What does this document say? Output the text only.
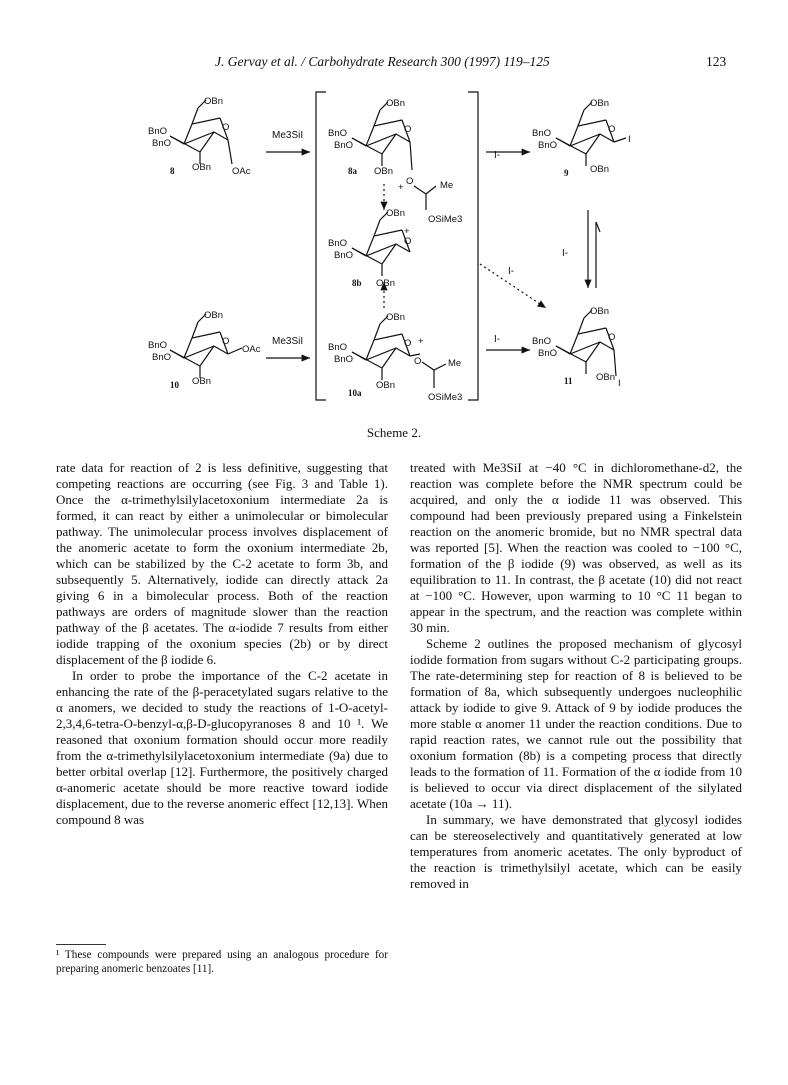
J. Gervay et al. / Carbohydrate Research 300 (1997) 119–125	123
BnO
BnO
OBn
O
OBn OAc
8
Me3SiI	BnO
BnO
OBn
O
OBn
8a
O
+	Me
OSiMe3
BnO
BnO
OBn
O
+
OBn
8b
BnO
BnO
OBn
O
OAc
OBn
10
Me3SiI
BnO
BnO
OBn
O +
O	Me
OSiMe3
OBn
10a
I-
BnO
BnO
OBn
O
I
OBn
9
I-
I-
I-	BnO
BnO
OBn
O
OBn
I
11
Scheme 2.

rate data for reaction of 2 is less definitive, suggesting that competing reactions are occurring (see Fig. 3 and Table 1). Once the α-trimethylsilylacetoxonium intermediate 2a is formed, it can react by either a unimolecular or bimolecular pathway. The unimolecular process involves displacement of the anomeric acetate to form the oxonium intermediate 2b, which can be stabilized by the C-2 acetate to form 3b, and subsequently 5. Alternatively, iodide can directly attack 2a giving 6 in a bimolecular process. Both of the reaction pathways are orders of magnitude slower than the reaction pathway of the β acetates. The α-iodide 7 results from either iodide trapping of the oxonium species (2b) or by direct displacement of the β iodide 6.

In order to probe the importance of the C-2 acetate in enhancing the rate of the β-peracetylated sugars relative to the α anomers, we decided to study the reactions of 1-O-acetyl-2,3,4,6-tetra-O-benzyl-α,β-D-glucopyranoses 8 and 10 ¹. We reasoned that oxonium formation should occur more readily from the α-trimethylsilylacetoxonium intermediate (9a) due to better orbital overlap [12]. Furthermore, the positively charged α-anomeric acetate should be more reactive toward iodide displacement, due to the reverse anomeric effect [12,13]. When compound 8 was

treated with Me3SiI at −40 °C in dichloromethane-d2, the reaction was complete before the NMR spectrum could be acquired, and only the α iodide 11 was observed. This compound had been previously prepared using a Finkelstein reaction on the anomeric bromide, but no NMR spectral data was reported [5]. When the reaction was cooled to −100 °C, formation of the β iodide (9) was observed, as well as its equilibration to 11. In contrast, the β acetate (10) did not react at −100 °C. However, upon warming to 10 °C 11 began to appear in the spectrum, and the reaction was complete within 30 min.

Scheme 2 outlines the proposed mechanism of glycosyl iodide formation from sugars without C-2 participating groups. The rate-determining step for reaction of 8 is believed to be formation of 8a, which subsequently undergoes nucleophilic attack by iodide to give 9. Attack of 9 by iodide produces the more stable α anomer 11 under the reaction conditions. Due to rapid reaction rates, we cannot rule out the possibility that oxonium formation (8b) is a competing process that directly leads to the formation of 11. Formation of the α iodide from 10 is believed to occur via direct displacement of the silylated acetate (10a → 11).

In summary, we have demonstrated that glycosyl iodides can be stereoselectively and quantitatively generated at low temperatures from anomeric acetates. The only byproduct of the reaction is trimethylsilyl acetate, which can be easily removed in

¹ These compounds were prepared using an analogous procedure for preparing anomeric benzoates [11].
